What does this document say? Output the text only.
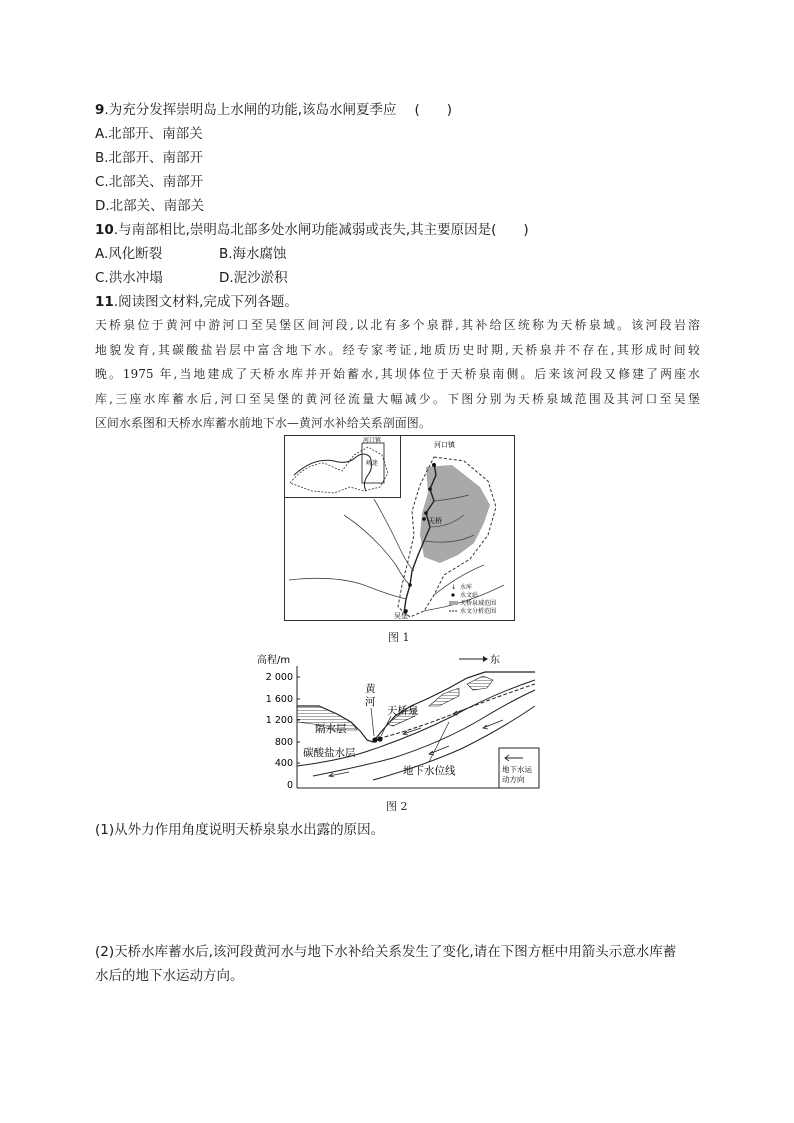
9.为充分发挥崇明岛上水闸的功能,该岛水闸夏季应 (　　)
A.北部开、南部关
B.北部开、南部开
C.北部关、南部开
D.北部关、南部关
10.与南部相比,崇明岛北部多处水闸功能减弱或丧失,其主要原因是(　　)
A.风化断裂	B.海水腐蚀
C.洪水冲塌	D.泥沙淤积
11.阅读图文材料,完成下列各题。

天桥泉位于黄河中游河口至吴堡区间河段,以北有多个泉群,其补给区统称为天桥泉域。该河段岩溶

地貌发育,其碳酸盐岩层中富含地下水。经专家考证,地质历史时期,天桥泉并不存在,其形成时间较

晚。1975 年,当地建成了天桥水库并开始蓄水,其坝体位于天桥泉南侧。后来该河段又修建了两座水

库,三座水库蓄水后,河口至吴堡的黄河径流量大幅减少。下图分别为天桥泉域范围及其河口至吴堡

区间水系图和天桥水库蓄水前地下水—黄河水补给关系剖面图。

河口镇
天桥
吴堡
河口镇
峤迷
↓ 水库
水文站
天桥泉域范围
水文分析范围
图 1
高程/m	东
2 000
1 600
1 200
800
400
0
黄
河
天桥泉
隔水层
碳酸盐水层
地下水位线	地下水运
动方向
图 2
(1)从外力作用角度说明天桥泉泉水出露的原因。
(2)天桥水库蓄水后,该河段黄河水与地下水补给关系发生了变化,请在下图方框中用箭头示意水库蓄
水后的地下水运动方向。
